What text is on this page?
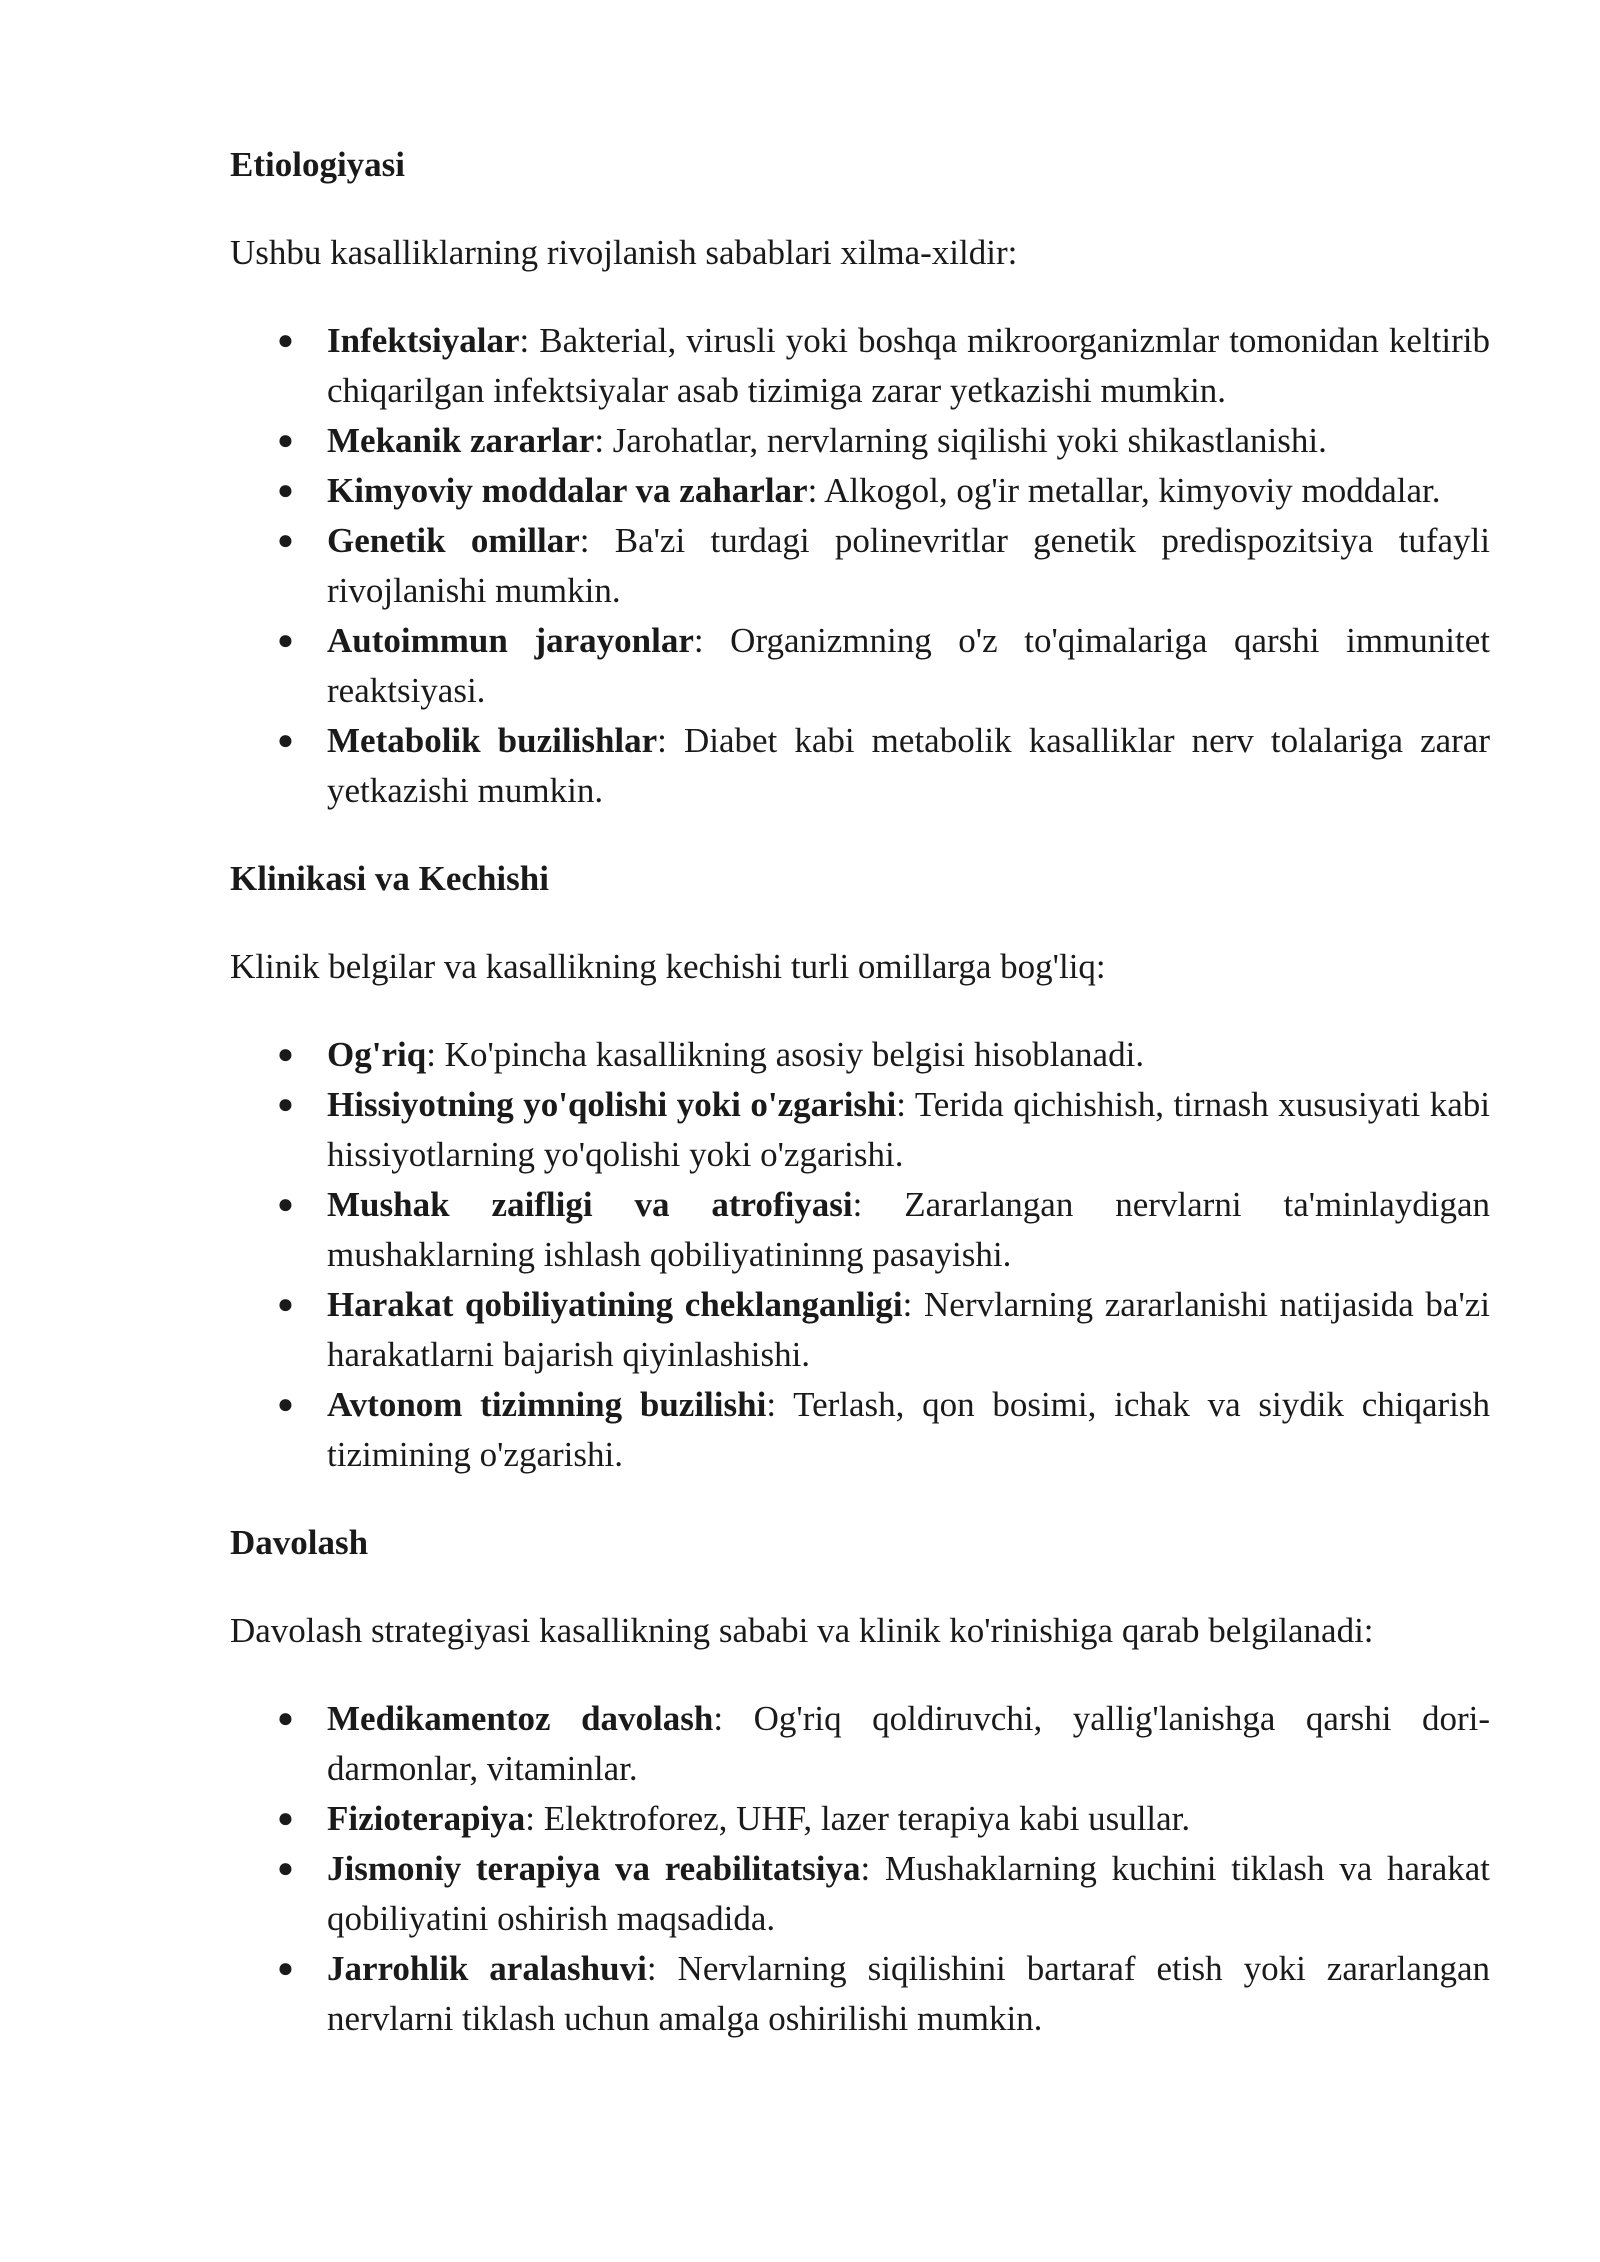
Etiologiyasi

Ushbu kasalliklarning rivojlanish sabablari xilma-xildir:

● Infektsiyalar: Bakterial, virusli yoki boshqa mikroorganizmlar tomonidan keltirib chiqarilgan infektsiyalar asab tizimiga zarar yetkazishi mumkin.
● Mekanik zararlar: Jarohatlar, nervlarning siqilishi yoki shikastlanishi.
● Kimyoviy moddalar va zaharlar: Alkogol, og'ir metallar, kimyoviy moddalar.
● Genetik omillar: Ba'zi turdagi polinevritlar genetik predispozitsiya tufayli rivojlanishi mumkin.
● Autoimmun jarayonlar: Organizmning o'z to'qimalariga qarshi immunitet reaktsiyasi.
● Metabolik buzilishlar: Diabet kabi metabolik kasalliklar nerv tolalariga zarar yetkazishi mumkin.
Klinikasi va Kechishi

Klinik belgilar va kasallikning kechishi turli omillarga bog'liq:

● Og'riq: Ko'pincha kasallikning asosiy belgisi hisoblanadi.
● Hissiyotning yo'qolishi yoki o'zgarishi: Terida qichishish, tirnash xususiyati kabi hissiyotlarning yo'qolishi yoki o'zgarishi.
● Mushak zaifligi va atrofiyasi: Zararlangan nervlarni ta'minlaydigan mushaklarning ishlash qobiliyatininng pasayishi.
● Harakat qobiliyatining cheklanganligi: Nervlarning zararlanishi natijasida ba'zi harakatlarni bajarish qiyinlashishi.
● Avtonom tizimning buzilishi: Terlash, qon bosimi, ichak va siydik chiqarish tizimining o'zgarishi.
Davolash

Davolash strategiyasi kasallikning sababi va klinik ko'rinishiga qarab belgilanadi:

● Medikamentoz davolash: Og'riq qoldiruvchi, yallig'lanishga qarshi dori-darmonlar, vitaminlar.
● Fizioterapiya: Elektroforez, UHF, lazer terapiya kabi usullar.
● Jismoniy terapiya va reabilitatsiya: Mushaklarning kuchini tiklash va harakat qobiliyatini oshirish maqsadida.
● Jarrohlik aralashuvi: Nervlarning siqilishini bartaraf etish yoki zararlangan nervlarni tiklash uchun amalga oshirilishi mumkin.
